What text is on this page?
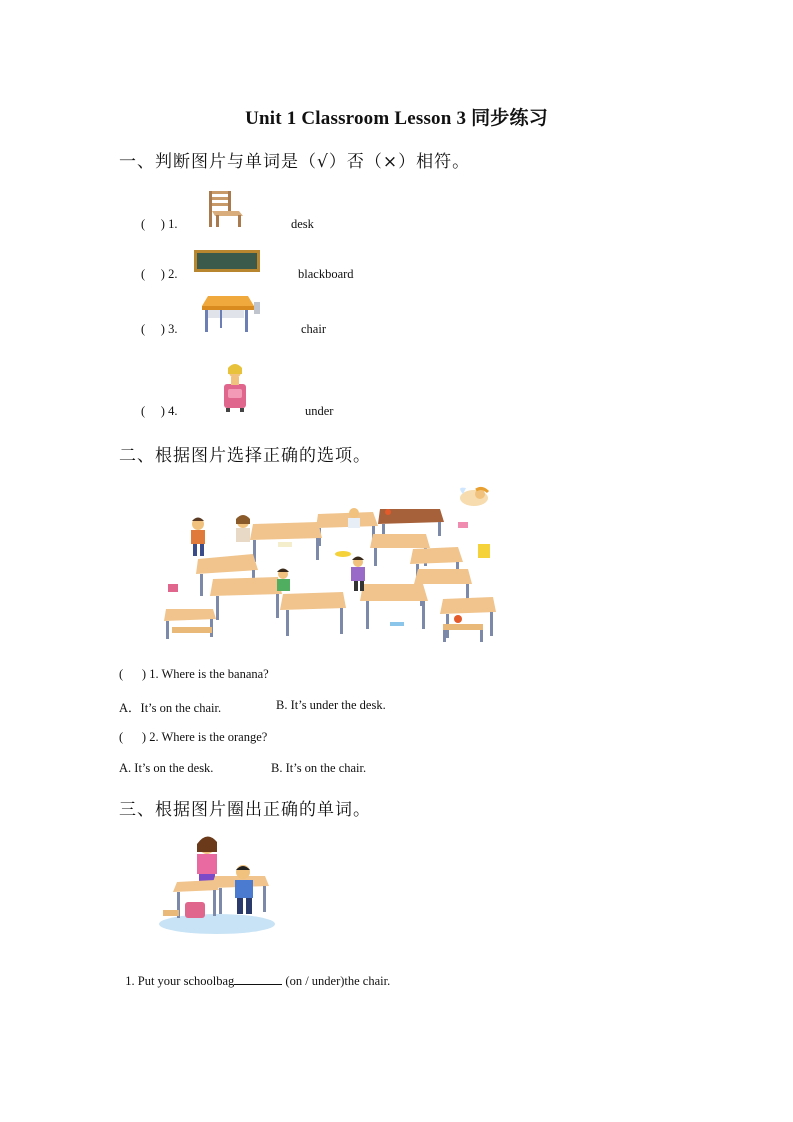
Unit 1 Classroom Lesson 3 同步练习
一、判断图片与单词是（√）否（×）相符。
(     ) 1.	desk
(     ) 2.	blackboard
(     ) 3.	chair
(     ) 4.	under
二、根据图片选择正确的选项。
(      ) 1. Where is the banana?
A．It’s on the chair.	B. It’s under the desk.
(      ) 2. Where is the orange?
A. It’s on the desk.	B. It’s on the chair.
三、根据图片圈出正确的单词。

1. Put your schoolbag	(on / under)the chair.
